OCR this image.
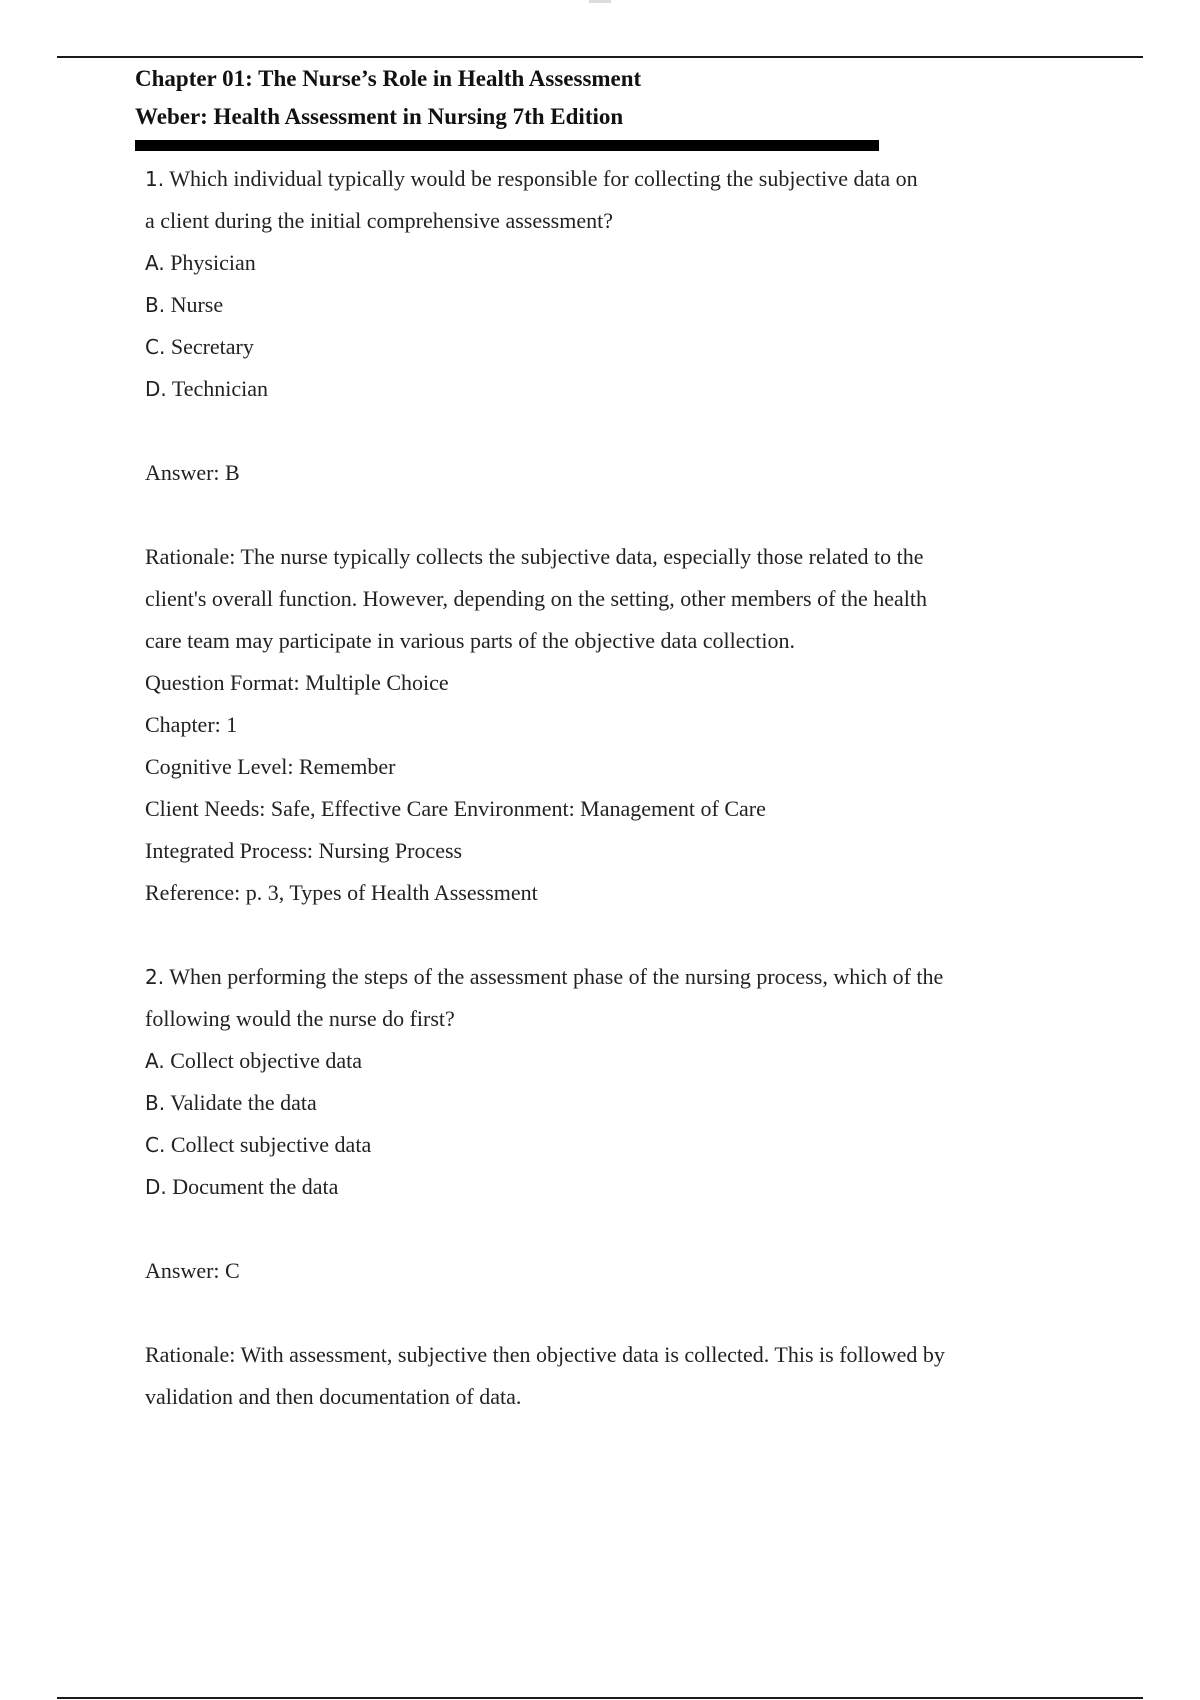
Chapter 01: The Nurse’s Role in Health Assessment
Weber: Health Assessment in Nursing 7th Edition

1. Which individual typically would be responsible for collecting the subjective data on

a client during the initial comprehensive assessment?

A. Physician

B. Nurse

C. Secretary

D. Technician

Answer: B

Rationale: The nurse typically collects the subjective data, especially those related to the

client's overall function. However, depending on the setting, other members of the health

care team may participate in various parts of the objective data collection.

Question Format: Multiple Choice

Chapter: 1

Cognitive Level: Remember

Client Needs: Safe, Effective Care Environment: Management of Care

Integrated Process: Nursing Process

Reference: p. 3, Types of Health Assessment

2. When performing the steps of the assessment phase of the nursing process, which of the

following would the nurse do first?

A. Collect objective data

B. Validate the data

C. Collect subjective data

D. Document the data

Answer: C

Rationale: With assessment, subjective then objective data is collected. This is followed by

validation and then documentation of data.
